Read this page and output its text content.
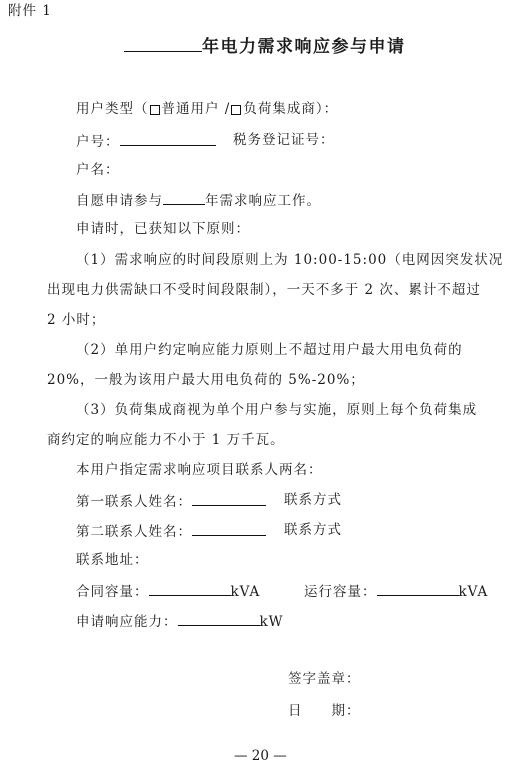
附件 1
年电力需求响应参与申请
用户类型（ 普通用户 / 负荷集成商）：
户号：	税务登记证号：
户名：
自愿申请参与	年需求响应工作。
申请时，已获知以下原则：
（1）需求响应的时间段原则上为 10:00-15:00（电网因突发状况
出现电力供需缺口不受时间段限制），一天不多于 2 次、累计不超过
2 小时；
（2）单用户约定响应能力原则上不超过用户最大用电负荷的
20%，一般为该用户最大用电负荷的 5%-20%；
（3）负荷集成商视为单个用户参与实施，原则上每个负荷集成
商约定的响应能力不小于 1 万千瓦。
本用户指定需求响应项目联系人两名：
第一联系人姓名：	联系方式
第二联系人姓名：	联系方式
联系地址：
合同容量：	kVA	运行容量：	kVA
申请响应能力：	kW
签字盖章：
日　　期：
— 20 —
